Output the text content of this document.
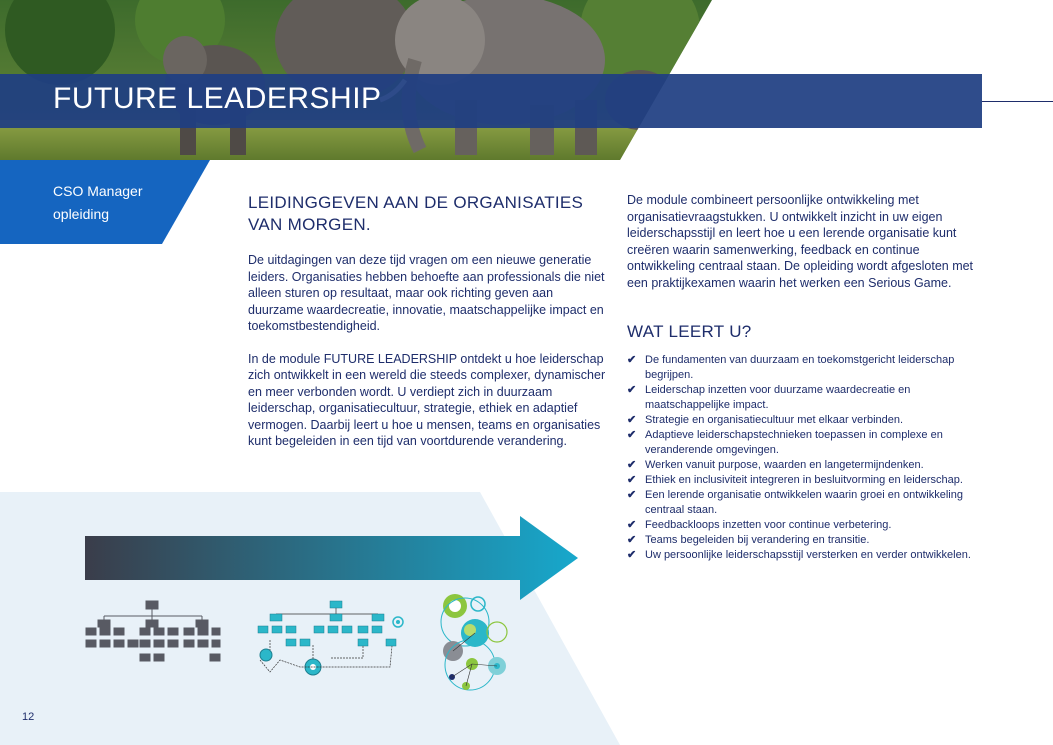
FUTURE LEADERSHIP
CSO Manager
opleiding
LEIDINGGEVEN AAN DE ORGANISATIES
VAN MORGEN.

De uitdagingen van deze tijd vragen om een nieuwe generatie leiders. Organisaties hebben behoefte aan professionals die niet alleen sturen op resultaat, maar ook richting geven aan duurzame waardecreatie, innovatie, maatschappelijke impact en toekomstbestendigheid.

In de module FUTURE LEADERSHIP ontdekt u hoe leiderschap zich ontwikkelt in een wereld die steeds complexer, dynamischer en meer verbonden wordt. U verdiept zich in duurzaam leiderschap, organisatiecultuur, strategie, ethiek en adaptief vermogen. Daarbij leert u hoe u mensen, teams en organisaties kunt begeleiden in een tijd van voortdurende verandering.

De module combineert persoonlijke ontwikkeling met organisatievraagstukken. U ontwikkelt inzicht in uw eigen leiderschapsstijl en leert hoe u een lerende organisatie kunt creëren waarin samenwerking, feedback en continue ontwikkeling centraal staan. De opleiding wordt afgesloten met een praktijkexamen waarin het werken een Serious Game.

WAT LEERT U?
✔ De fundamenten van duurzaam en toekomstgericht leiderschap begrijpen.
✔ Leiderschap inzetten voor duurzame waardecreatie en maatschappelijke impact.
✔ Strategie en organisatiecultuur met elkaar verbinden.
✔ Adaptieve leiderschapstechnieken toepassen in complexe en veranderende omgevingen.
✔ Werken vanuit purpose, waarden en langetermijndenken.
✔ Ethiek en inclusiviteit integreren in besluitvorming en leiderschap.
✔ Een lerende organisatie ontwikkelen waarin groei en ontwikkeling centraal staan.
✔ Feedbackloops inzetten voor continue verbetering.
✔ Teams begeleiden bij verandering en transitie.
✔ Uw persoonlijke leiderschapsstijl versterken en verder ontwikkelen.
12
